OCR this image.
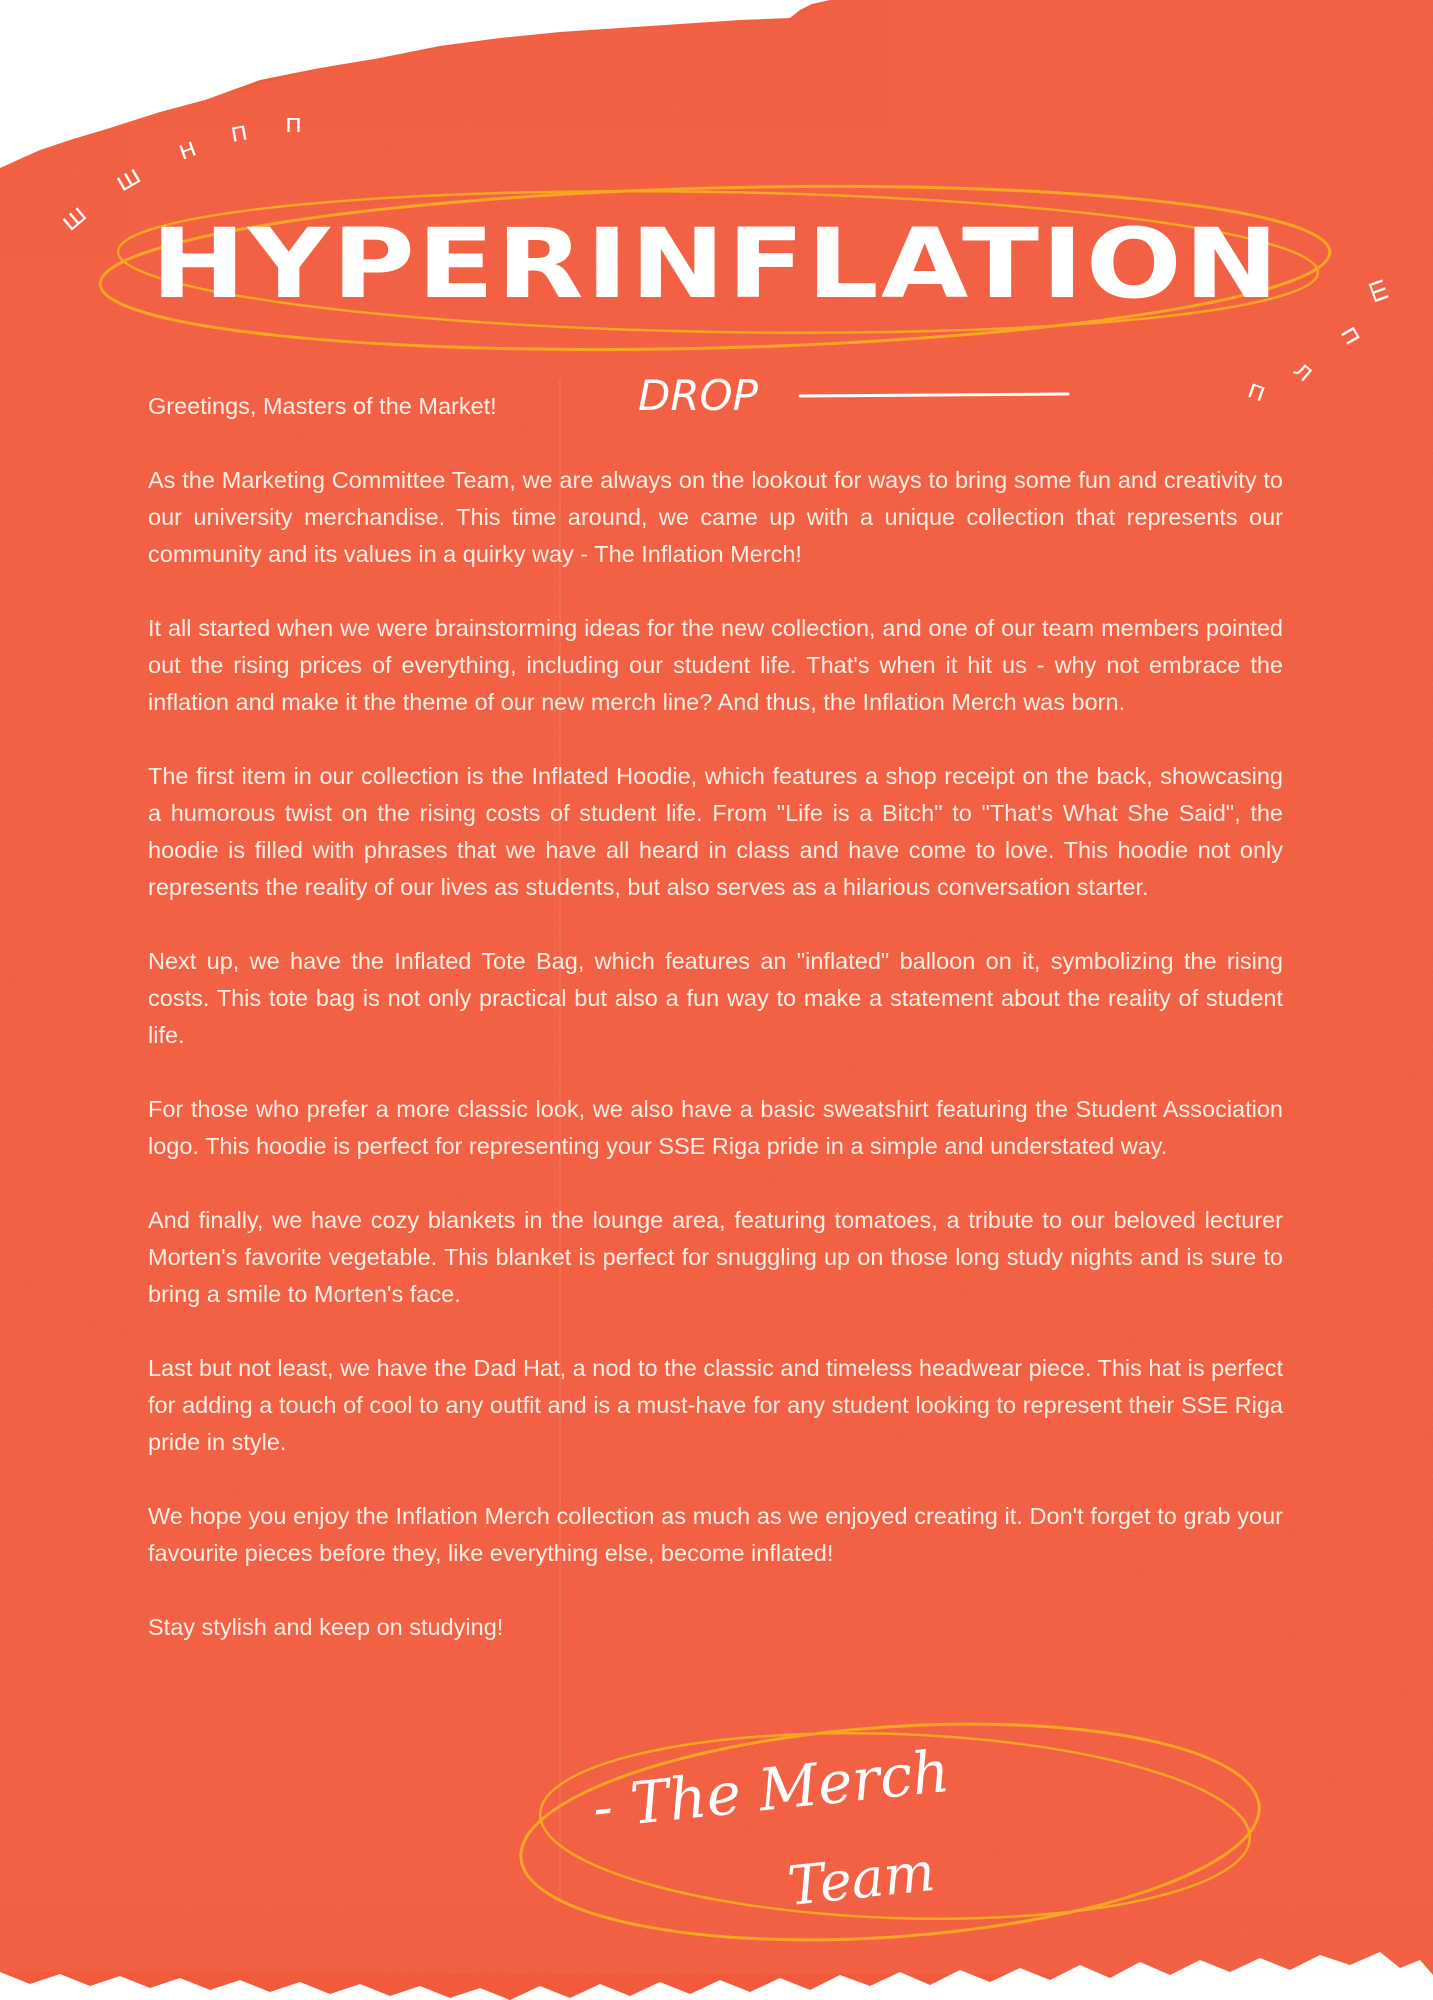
HYPERINFLATION
ш
ш
н п п
ш
п
л
п
DROP
- The Merch
Team

Greetings, Masters of the Market!

As the Marketing Committee Team, we are always on the lookout for ways to bring some fun and creativity to our university merchandise. This time around, we came up with a unique collection that represents our community and its values in a quirky way - The Inflation Merch!

It all started when we were brainstorming ideas for the new collection, and one of our team members pointed out the rising prices of everything, including our student life. That's when it hit us - why not embrace the inflation and make it the theme of our new merch line? And thus, the Inflation Merch was born.

The first item in our collection is the Inflated Hoodie, which features a shop receipt on the back, showcasing a humorous twist on the rising costs of student life. From "Life is a Bitch" to "That's What She Said", the hoodie is filled with phrases that we have all heard in class and have come to love. This hoodie not only represents the reality of our lives as students, but also serves as a hilarious conversation starter.

Next up, we have the Inflated Tote Bag, which features an "inflated" balloon on it, symbolizing the rising costs. This tote bag is not only practical but also a fun way to make a statement about the reality of student life.

For those who prefer a more classic look, we also have a basic sweatshirt featuring the Student Association logo. This hoodie is perfect for representing your SSE Riga pride in a simple and understated way.

And finally, we have cozy blankets in the lounge area, featuring tomatoes, a tribute to our beloved lecturer Morten's favorite vegetable. This blanket is perfect for snuggling up on those long study nights and is sure to bring a smile to Morten's face.

Last but not least, we have the Dad Hat, a nod to the classic and timeless headwear piece. This hat is perfect for adding a touch of cool to any outfit and is a must-have for any student looking to represent their SSE Riga pride in style.

We hope you enjoy the Inflation Merch collection as much as we enjoyed creating it. Don't forget to grab your favourite pieces before they, like everything else, become inflated!

Stay stylish and keep on studying!
